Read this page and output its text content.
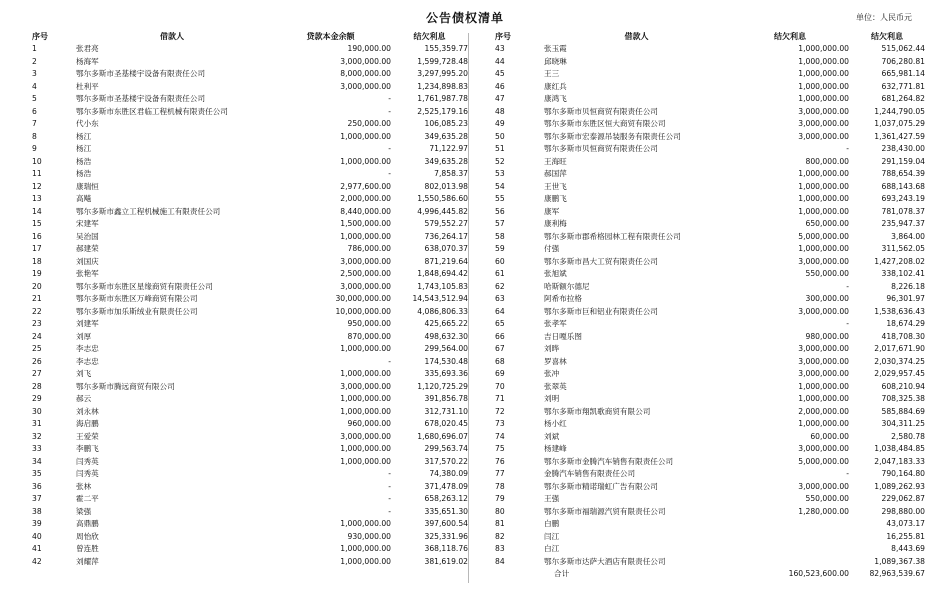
公告债权清单	单位：人民币元
序号	借款人	贷款本金余额	结欠利息
1	张君亮	190,000.00	155,359.77
2	杨海军	3,000,000.00	1,599,728.48
3	鄂尔多斯市圣基楼宇设备有限责任公司	8,000,000.00	3,297,995.20
4	杜利平	3,000,000.00	1,234,898.83
5	鄂尔多斯市圣基楼宇设备有限责任公司	-	1,761,987.78
6	鄂尔多斯市东胜区君临工程机械有限责任公司	-	2,525,179.16
7	代小东	250,000.00	106,085.23
8	杨江	1,000,000.00	349,635.28
9	杨江	-	71,122.97
10	杨浩	1,000,000.00	349,635.28
11	杨浩	-	7,858.37
12	康瑞恒	2,977,600.00	802,013.98
13	高飚	2,000,000.00	1,550,586.60
14	鄂尔多斯市鑫立工程机械施工有限责任公司	8,440,000.00	4,996,445.82
15	宋建军	1,500,000.00	579,552.27
16	吴治国	1,000,000.00	736,264.17
17	郝建荣	786,000.00	638,070.37
18	刘国庆	3,000,000.00	871,219.64
19	张艳军	2,500,000.00	1,848,694.42
20	鄂尔多斯市东胜区星缘商贸有限责任公司	3,000,000.00	1,743,105.83
21	鄂尔多斯市东胜区万峰商贸有限公司	30,000,000.00	14,543,512.94
22	鄂尔多斯市加乐斯绒业有限责任公司	10,000,000.00	4,086,806.33
23	刘建军	950,000.00	425,665.22
24	刘厚	870,000.00	498,632.30
25	李志忠	1,000,000.00	299,564.00
26	李志忠	-	174,530.48
27	刘飞	1,000,000.00	335,693.36
28	鄂尔多斯市腾远商贸有限公司	3,000,000.00	1,120,725.29
29	郝云	1,000,000.00	391,856.78
30	刘永林	1,000,000.00	312,731.10
31	海启鹏	960,000.00	678,020.45
32	王爱荣	3,000,000.00	1,680,696.07
33	李鹏飞	1,000,000.00	299,563.74
34	闫秀英	1,000,000.00	317,570.22
35	闫秀英	-	74,380.09
36	张林	-	371,478.09
37	霍二平	-	658,263.12
38	梁强	-	335,651.30
39	高鼎鹏	1,000,000.00	397,600.54
40	周怡欣	930,000.00	325,331.96
41	曾连胜	1,000,000.00	368,118.76
42	刘耀萍	1,000,000.00	381,619.02
序号	借款人	结欠利息	结欠利息
43	张玉霞	1,000,000.00	515,062.44
44	邱晓琳	1,000,000.00	706,280.81
45	王三	1,000,000.00	665,981.14
46	康红兵	1,000,000.00	632,771.81
47	康鸿飞	1,000,000.00	681,264.82
48	鄂尔多斯市贝恒商贸有限责任公司	3,000,000.00	1,244,790.05
49	鄂尔多斯市东胜区恒大商贸有限公司	3,000,000.00	1,037,075.29
50	鄂尔多斯市宏泰源吊装服务有限责任公司	3,000,000.00	1,361,427.59
51	鄂尔多斯市贝恒商贸有限责任公司	-	238,430.00
52	王海旺	800,000.00	291,159.04
53	郝国萍	1,000,000.00	788,654.39
54	王世飞	1,000,000.00	688,143.68
55	康鹏飞	1,000,000.00	693,243.19
56	康军	1,000,000.00	781,078.37
57	康利梅	650,000.00	235,947.37
58	鄂尔多斯市郡希格园林工程有限责任公司	5,000,000.00	3,864.00
59	付强	1,000,000.00	311,562.05
60	鄂尔多斯市昌大工贸有限责任公司	3,000,000.00	1,427,208.02
61	张旭斌	550,000.00	338,102.41
62	哈斯额尔德尼	-	8,226.18
63	阿希布拉格	300,000.00	96,301.97
64	鄂尔多斯市巨和铝业有限责任公司	3,000,000.00	1,538,636.43
65	张孝军	-	18,674.29
66	吉日嘎乐图	980,000.00	418,708.30
67	刘晔	3,000,000.00	2,017,671.90
68	罗喜林	3,000,000.00	2,030,374.25
69	张冲	3,000,000.00	2,029,957.45
70	张翠英	1,000,000.00	608,210.94
71	刘明	1,000,000.00	708,325.38
72	鄂尔多斯市翔凯歌商贸有限公司	2,000,000.00	585,884.69
73	杨小红	1,000,000.00	304,311.25
74	刘斌	60,000.00	2,580.78
75	杨建峰	3,000,000.00	1,038,484.85
76	鄂尔多斯市金腾汽车销售有限责任公司	5,000,000.00	2,047,183.33
77	金腾汽车销售有限责任公司	-	790,164.80
78	鄂尔多斯市精诺瑞虹广告有限公司	3,000,000.00	1,089,262.93
79	王强	550,000.00	229,062.87
80	鄂尔多斯市福瑞源汽贸有限责任公司	1,280,000.00	298,880.00
81	白鹏		43,073.17
82	闫江		16,255.81
83	白江		8,443.69
84	鄂尔多斯市达萨大酒店有限责任公司		1,089,367.38
	合计	160,523,600.00	82,963,539.67
